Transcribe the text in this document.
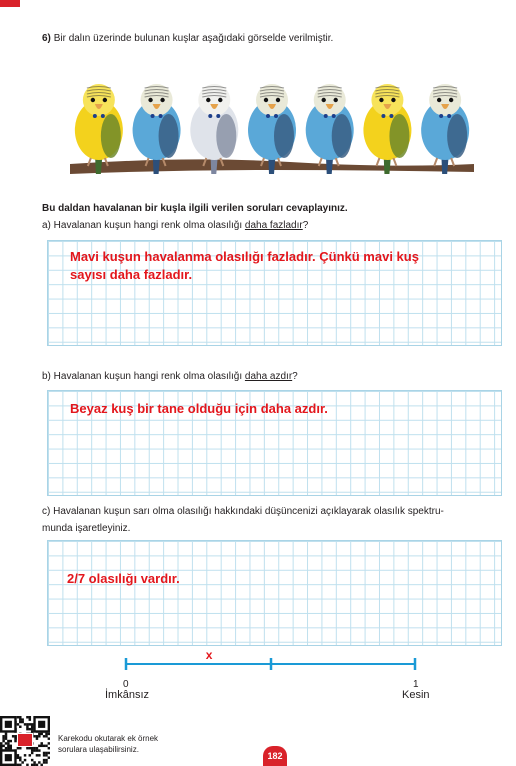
6) Bir dalın üzerinde bulunan kuşlar aşağıdaki görselde verilmiştir.
Bu daldan havalanan bir kuşla ilgili verilen soruları cevaplayınız.
a) Havalanan kuşun hangi renk olma olasılığı daha fazladır?
Mavi kuşun havalanma olasılığı fazladır. Çünkü mavi kuş
sayısı daha fazladır.
b) Havalanan kuşun hangi renk olma olasılığı daha azdır?
Beyaz kuş bir tane olduğu için daha azdır.
c) Havalanan kuşun sarı olma olasılığı hakkındaki düşüncenizi açıklayarak olasılık spektru-
munda işaretleyiniz.
2/7 olasılığı vardır.
x
0
İmkânsız
1
Kesin
Karekodu okutarak ek örnek
sorulara ulaşabilirsiniz.
182
